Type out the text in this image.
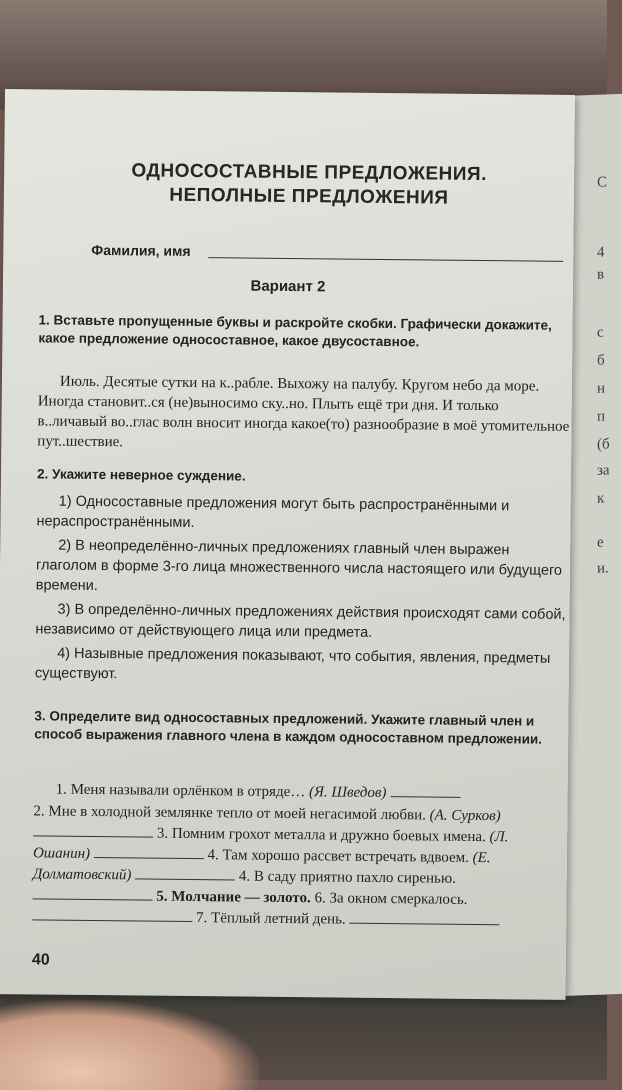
С
4
в
с
б
н
п
(б
за
к
е
и.
ОДНОСОСТАВНЫЕ ПРЕДЛОЖЕНИЯ.
НЕПОЛНЫЕ ПРЕДЛОЖЕНИЯ
Фамилия, имя
Вариант 2
1. Вставьте пропущенные буквы и раскройте скобки. Графически докажите, какое предложение односоставное, какое двусоставное.
Июль. Десятые сутки на к..рабле. Выхожу на палубу. Кругом небо да море. Иногда становит..ся (не)выносимо ску..но. Плыть ещё три дня. И только в..личавый во..глас волн вносит иногда какое(то) разнообразие в моё утомительное пут..шествие.
2. Укажите неверное суждение.
1) Односоставные предложения могут быть распространёнными и нераспространёнными.
2) В неопределённо-личных предложениях главный член выражен глаголом в форме 3-го лица множественного числа настоящего или будущего времени.
3) В определённо-личных предложениях действия происходят сами собой, независимо от действующего лица или предмета.
4) Назывные предложения показывают, что события, явления, предметы существуют.
3. Определите вид односоставных предложений. Укажите главный член и способ выражения главного члена в каждом односоставном предложении.
1. Меня называли орлёнком в отряде… (Я. Шведов)
2. Мне в холодной землянке тепло от моей негасимой любви. (А. Сурков)  3. Помним грохот металла и дружно боевых имена. (Л. Ошанин)	4. Там хорошо рассвет встречать вдвоем. (Е. Долматовский)	4. В саду приятно пахло сиренью.  5. Молчание — золото. 6. За окном смеркалось.  7. Тёплый летний день.
40
